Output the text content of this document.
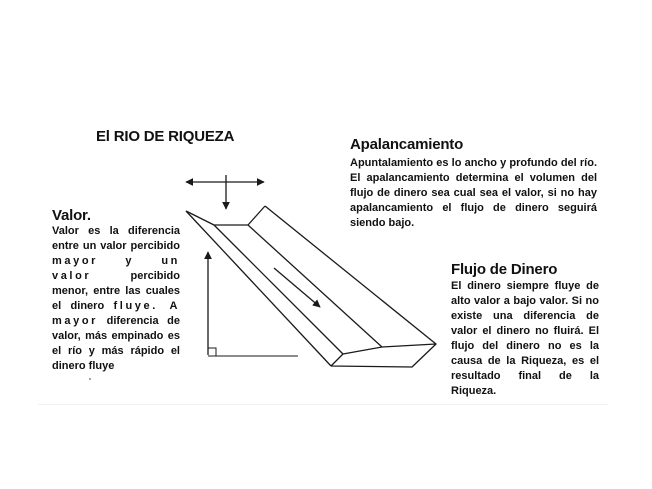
El RIO DE RIQUEZA	Apalancamiento
Apuntalamiento es lo ancho y profundo del río. El apalancamiento determina el volumen del flujo de dinero sea cual sea el valor, si no hay apalancamiento el flujo de dinero seguirá siendo bajo.
Valor.
Valor es la diferencia entre un valor percibido mayor y un valor percibido menor, entre las cuales el dinero fluye. A mayor diferencia de valor, más empinado es el río y más rápido el dinero fluye
Flujo de Dinero
El dinero siempre fluye de alto valor a bajo valor. Si no existe una diferencia de valor el dinero no fluirá. El flujo del dinero no es la causa de la Riqueza, es el resultado final de la Riqueza.
